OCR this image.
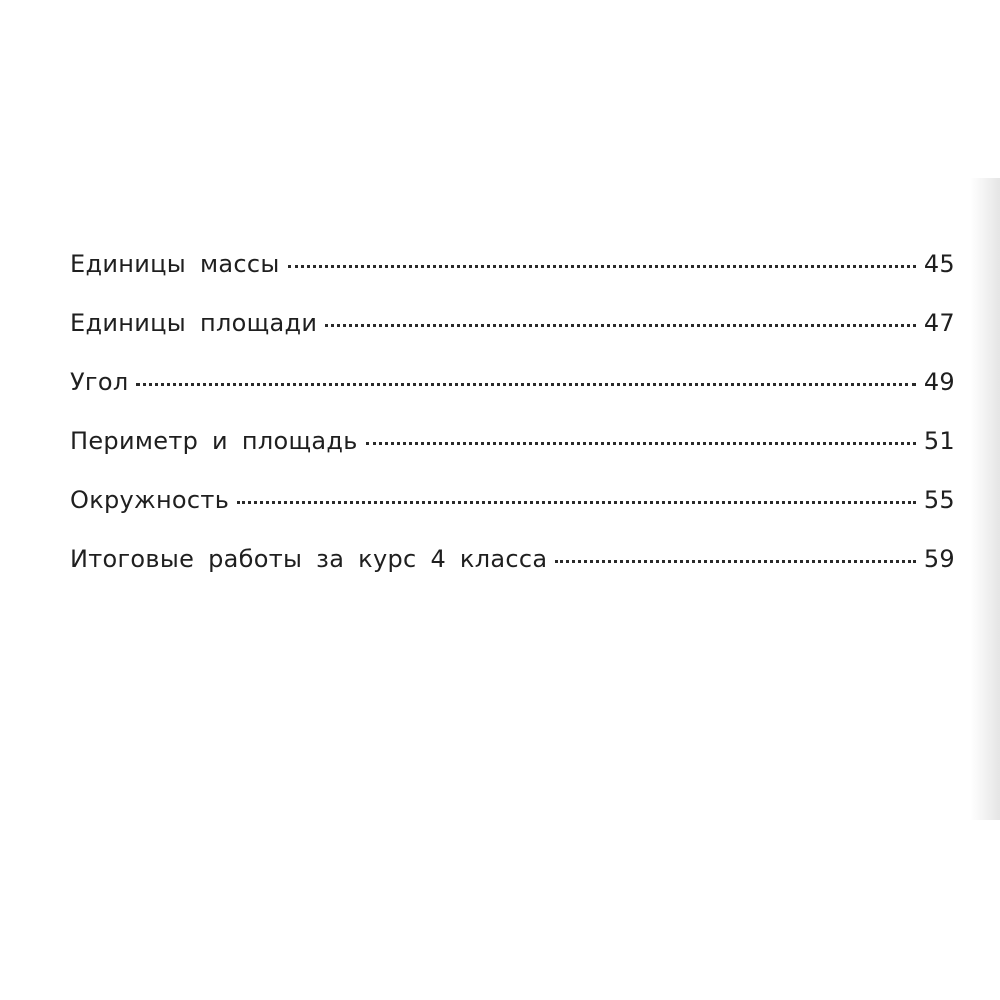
Единицы массы	45
Единицы площади	47
Угол	49
Периметр и площадь	51
Окружность	55
Итоговые работы за курс 4 класса	59
